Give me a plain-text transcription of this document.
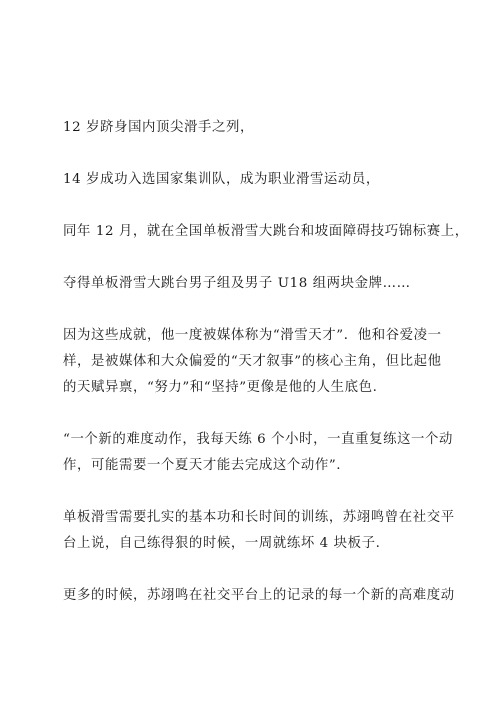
12 岁跻身国内顶尖滑手之列，
14 岁成功入选国家集训队，成为职业滑雪运动员，
同年 12 月，就在全国单板滑雪大跳台和坡面障碍技巧锦标赛上，
夺得单板滑雪大跳台男子组及男子 U18 组两块金牌……
因为这些成就，他一度被媒体称为“滑雪天才”．他和谷爱凌一
样，是被媒体和大众偏爱的“天才叙事”的核心主角，但比起他
的天赋异禀，“努力”和“坚持”更像是他的人生底色.
“一个新的难度动作，我每天练 6 个小时，一直重复练这一个动
作，可能需要一个夏天才能去完成这个动作”.
单板滑雪需要扎实的基本功和长时间的训练，苏翊鸣曾在社交平
台上说，自己练得狠的时候，一周就练坏 4 块板子.
更多的时候，苏翊鸣在社交平台上的记录的每一个新的高难度动
